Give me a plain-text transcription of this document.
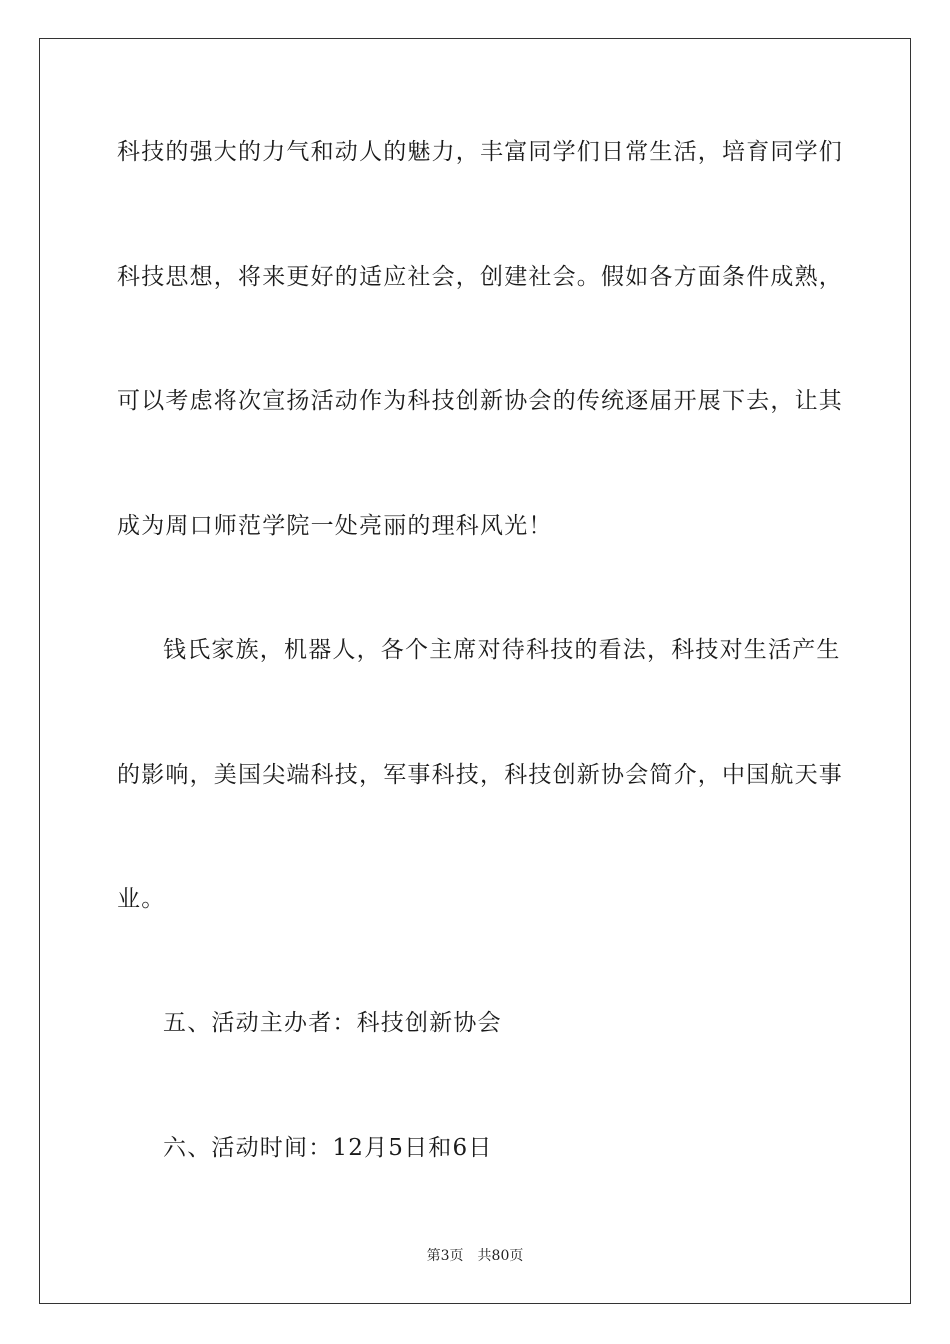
科技的强大的力气和动人的魅力，丰富同学们日常生活，培育同学们
科技思想，将来更好的适应社会，创建社会。假如各方面条件成熟，
可以考虑将次宣扬活动作为科技创新协会的传统逐届开展下去，让其
成为周口师范学院一处亮丽的理科风光！
钱氏家族，机器人，各个主席对待科技的看法，科技对生活产生
的影响，美国尖端科技，军事科技，科技创新协会简介，中国航天事
业。
五、活动主办者：科技创新协会
六、活动时间：12月5日和6日
第3页 共80页
